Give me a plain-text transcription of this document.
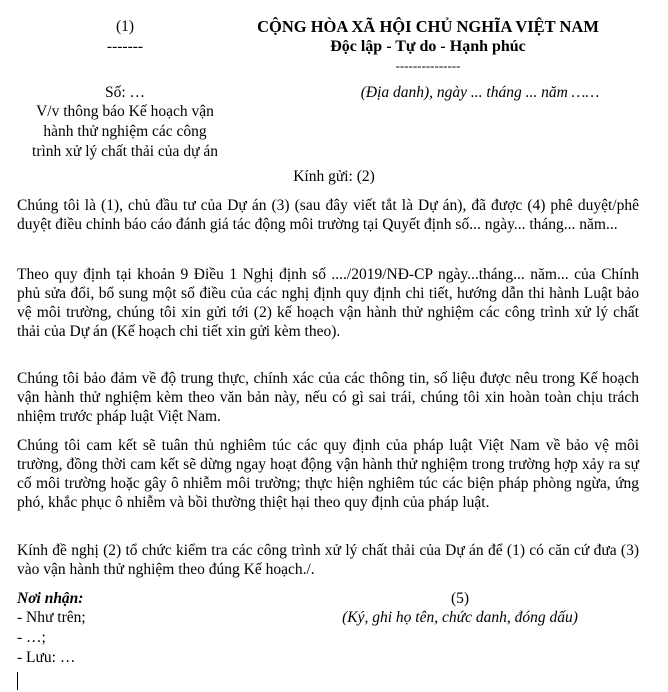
(1)
-------
CỘNG HÒA XÃ HỘI CHỦ NGHĨA VIỆT NAM
Độc lập - Tự do - Hạnh phúc
---------------
Số: …	(Địa danh), ngày ... tháng ... năm ……
V/v thông báo Kế hoạch vận
hành thử nghiệm các công
trình xử lý chất thải của dự án
Kính gửi: (2)

Chúng tôi là (1), chủ đầu tư của Dự án (3) (sau đây viết tắt là Dự án), đã được (4) phê duyệt/phê duyệt điều chỉnh báo cáo đánh giá tác động môi trường tại Quyết định số... ngày... tháng... năm...

Theo quy định tại khoản 9 Điều 1 Nghị định số ..../2019/NĐ-CP ngày...tháng... năm... của Chính phủ sửa đổi, bổ sung một số điều của các nghị định quy định chi tiết, hướng dẫn thi hành Luật bảo vệ môi trường, chúng tôi xin gửi tới (2) kế hoạch vận hành thử nghiệm các công trình xử lý chất thải của Dự án (Kế hoạch chi tiết xin gửi kèm theo).

Chúng tôi bảo đảm về độ trung thực, chính xác của các thông tin, số liệu được nêu trong Kế hoạch vận hành thử nghiệm kèm theo văn bản này, nếu có gì sai trái, chúng tôi xin hoàn toàn chịu trách nhiệm trước pháp luật Việt Nam.

Chúng tôi cam kết sẽ tuân thủ nghiêm túc các quy định của pháp luật Việt Nam về bảo vệ môi trường, đồng thời cam kết sẽ dừng ngay hoạt động vận hành thử nghiệm trong trường hợp xảy ra sự cố môi trường hoặc gây ô nhiễm môi trường; thực hiện nghiêm túc các biện pháp phòng ngừa, ứng phó, khắc phục ô nhiễm và bồi thường thiệt hại theo quy định của pháp luật.

Kính đề nghị (2) tổ chức kiểm tra các công trình xử lý chất thải của Dự án để (1) có căn cứ đưa (3) vào vận hành thử nghiệm theo đúng Kế hoạch./.

Nơi nhận:
- Như trên;
- …;
- Lưu: …
(5)
(Ký, ghi họ tên, chức danh, đóng dấu)
